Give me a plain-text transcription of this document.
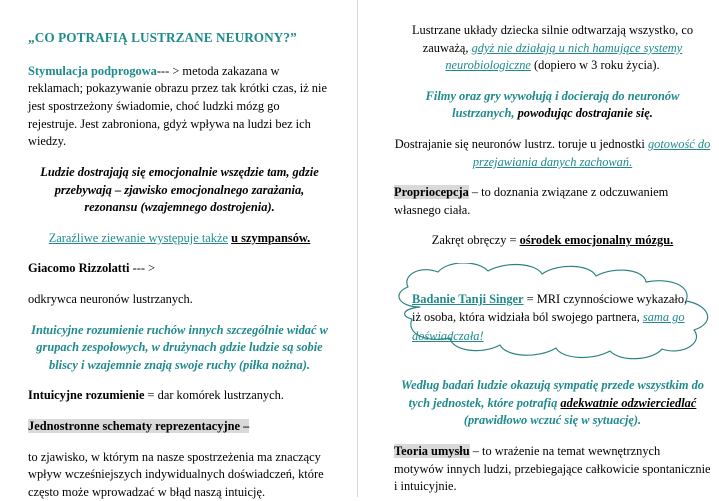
„CO POTRAFIĄ LUSTRZANE NEURONY?”

Stymulacja podprogowa--- > metoda zakazana w reklamach; pokazywanie obrazu przez tak krótki czas, iż nie jest spostrzeżony świadomie, choć ludzki mózg go rejestruje. Jest zabroniona, gdyż wpływa na ludzi bez ich wiedzy.

Ludzie dostrajają się emocjonalnie wszędzie tam, gdzie przebywają – zjawisko emocjonalnego zarażania, rezonansu (wzajemnego dostrojenia).

Zaraźliwe ziewanie występuje także u szympansów.

Giacomo Rizzolatti --- >

odkrywca neuronów lustrzanych.

Intuicyjne rozumienie ruchów innych szczególnie widać w grupach zespołowych, w drużynach gdzie ludzie są sobie bliscy i wzajemnie znają swoje ruchy (piłka nożna).

Intuicyjne rozumienie = dar komórek lustrzanych.

Jednostronne schematy reprezentacyjne –

to zjawisko, w którym na nasze spostrzeżenia ma znaczący wpływ wcześniejszych indywidualnych doświadczeń, które często może wprowadzać w błąd naszą intuicję.

Lustrzane układy dziecka silnie odtwarzają wszystko, co zauważą, gdyż nie działają u nich hamujące systemy neurobiologiczne (dopiero w 3 roku życia).

Filmy oraz gry wywołują i docierają do neuronów lustrzanych, powodując dostrajanie się.

Dostrajanie się neuronów lustrz. toruje u jednostki gotowość do przejawiania danych zachowań.

Propriocepcja – to doznania związane z odczuwaniem własnego ciała.

Zakręt obręczy = ośrodek emocjonalny mózgu.

Badanie Tanji Singer = MRI czynnościowe wykazało, iż osoba, która widziała ból swojego partnera, sama go doświadczała!

Według badań ludzie okazują sympatię przede wszystkim do tych jednostek, które potrafią adekwatnie odzwierciedlać (prawidłowo wczuć się w sytuację).

Teoria umysłu – to wrażenie na temat wewnętrznych motywów innych ludzi, przebiegające całkowicie spontanicznie i intuicyjnie.
